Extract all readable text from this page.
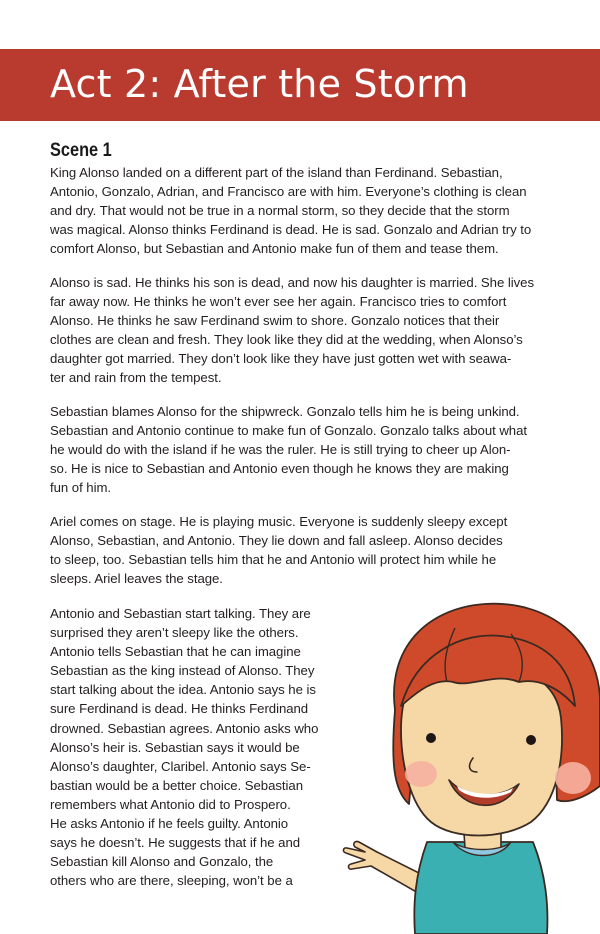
Act 2: After the Storm
Scene 1

King Alonso landed on a different part of the island than Ferdinand. Sebastian,
Antonio, Gonzalo, Adrian, and Francisco are with him. Everyone’s clothing is clean
and dry. That would not be true in a normal storm, so they decide that the storm
was magical. Alonso thinks Ferdinand is dead. He is sad. Gonzalo and Adrian try to
comfort Alonso, but Sebastian and Antonio make fun of them and tease them.

Alonso is sad. He thinks his son is dead, and now his daughter is married. She lives
far away now. He thinks he won’t ever see her again. Francisco tries to comfort
Alonso. He thinks he saw Ferdinand swim to shore. Gonzalo notices that their
clothes are clean and fresh. They look like they did at the wedding, when Alonso’s
daughter got married. They don’t look like they have just gotten wet with seawa-
ter and rain from the tempest.

Sebastian blames Alonso for the shipwreck. Gonzalo tells him he is being unkind.
Sebastian and Antonio continue to make fun of Gonzalo. Gonzalo talks about what
he would do with the island if he was the ruler. He is still trying to cheer up Alon-
so. He is nice to Sebastian and Antonio even though he knows they are making
fun of him.

Ariel comes on stage. He is playing music. Everyone is suddenly sleepy except
Alonso, Sebastian, and Antonio. They lie down and fall asleep. Alonso decides
to sleep, too. Sebastian tells him that he and Antonio will protect him while he
sleeps. Ariel leaves the stage.

Antonio and Sebastian start talking. They are
surprised they aren’t sleepy like the others.
Antonio tells Sebastian that he can imagine
Sebastian as the king instead of Alonso. They
start talking about the idea. Antonio says he is
sure Ferdinand is dead. He thinks Ferdinand
drowned. Sebastian agrees. Antonio asks who
Alonso’s heir is. Sebastian says it would be
Alonso’s daughter, Claribel. Antonio says Se-
bastian would be a better choice. Sebastian
remembers what Antonio did to Prospero.
He asks Antonio if he feels guilty. Antonio
says he doesn’t. He suggests that if he and
Sebastian kill Alonso and Gonzalo, the
others who are there, sleeping, won’t be a
